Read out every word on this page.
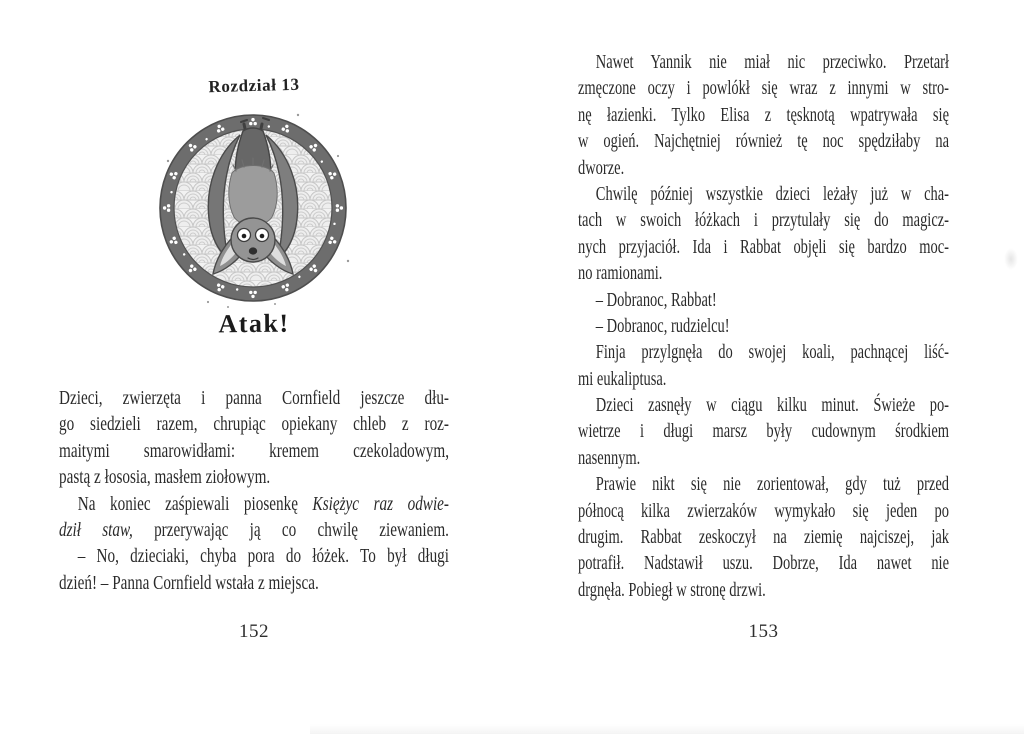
Rozdział 13
Atak!
Dzieci, zwierzęta i panna Cornfield jeszcze dłu-
go siedzieli razem, chrupiąc opiekany chleb z roz-
maitymi smarowidłami: kremem czekoladowym,
pastą z łososia, masłem ziołowym.
Na koniec zaśpiewali piosenkę Księżyc raz odwie-
dził staw, przerywając ją co chwilę ziewaniem.
– No, dzieciaki, chyba pora do łóżek. To był długi
dzień! – Panna Cornfield wstała z miejsca.
152
Nawet Yannik nie miał nic przeciwko. Przetarł
zmęczone oczy i powlókł się wraz z innymi w stro-
nę łazienki. Tylko Elisa z tęsknotą wpatrywała się
w ogień. Najchętniej również tę noc spędziłaby na
dworze.
Chwilę później wszystkie dzieci leżały już w cha-
tach w swoich łóżkach i przytulały się do magicz-
nych przyjaciół. Ida i Rabbat objęli się bardzo moc-
no ramionami.
– Dobranoc, Rabbat!
– Dobranoc, rudzielcu!
Finja przylgnęła do swojej koali, pachnącej liść-
mi eukaliptusa.
Dzieci zasnęły w ciągu kilku minut. Świeże po-
wietrze i długi marsz były cudownym środkiem
nasennym.
Prawie nikt się nie zorientował, gdy tuż przed
północą kilka zwierzaków wymykało się jeden po
drugim. Rabbat zeskoczył na ziemię najciszej, jak
potrafił. Nadstawił uszu. Dobrze, Ida nawet nie
drgnęła. Pobiegł w stronę drzwi.
153
